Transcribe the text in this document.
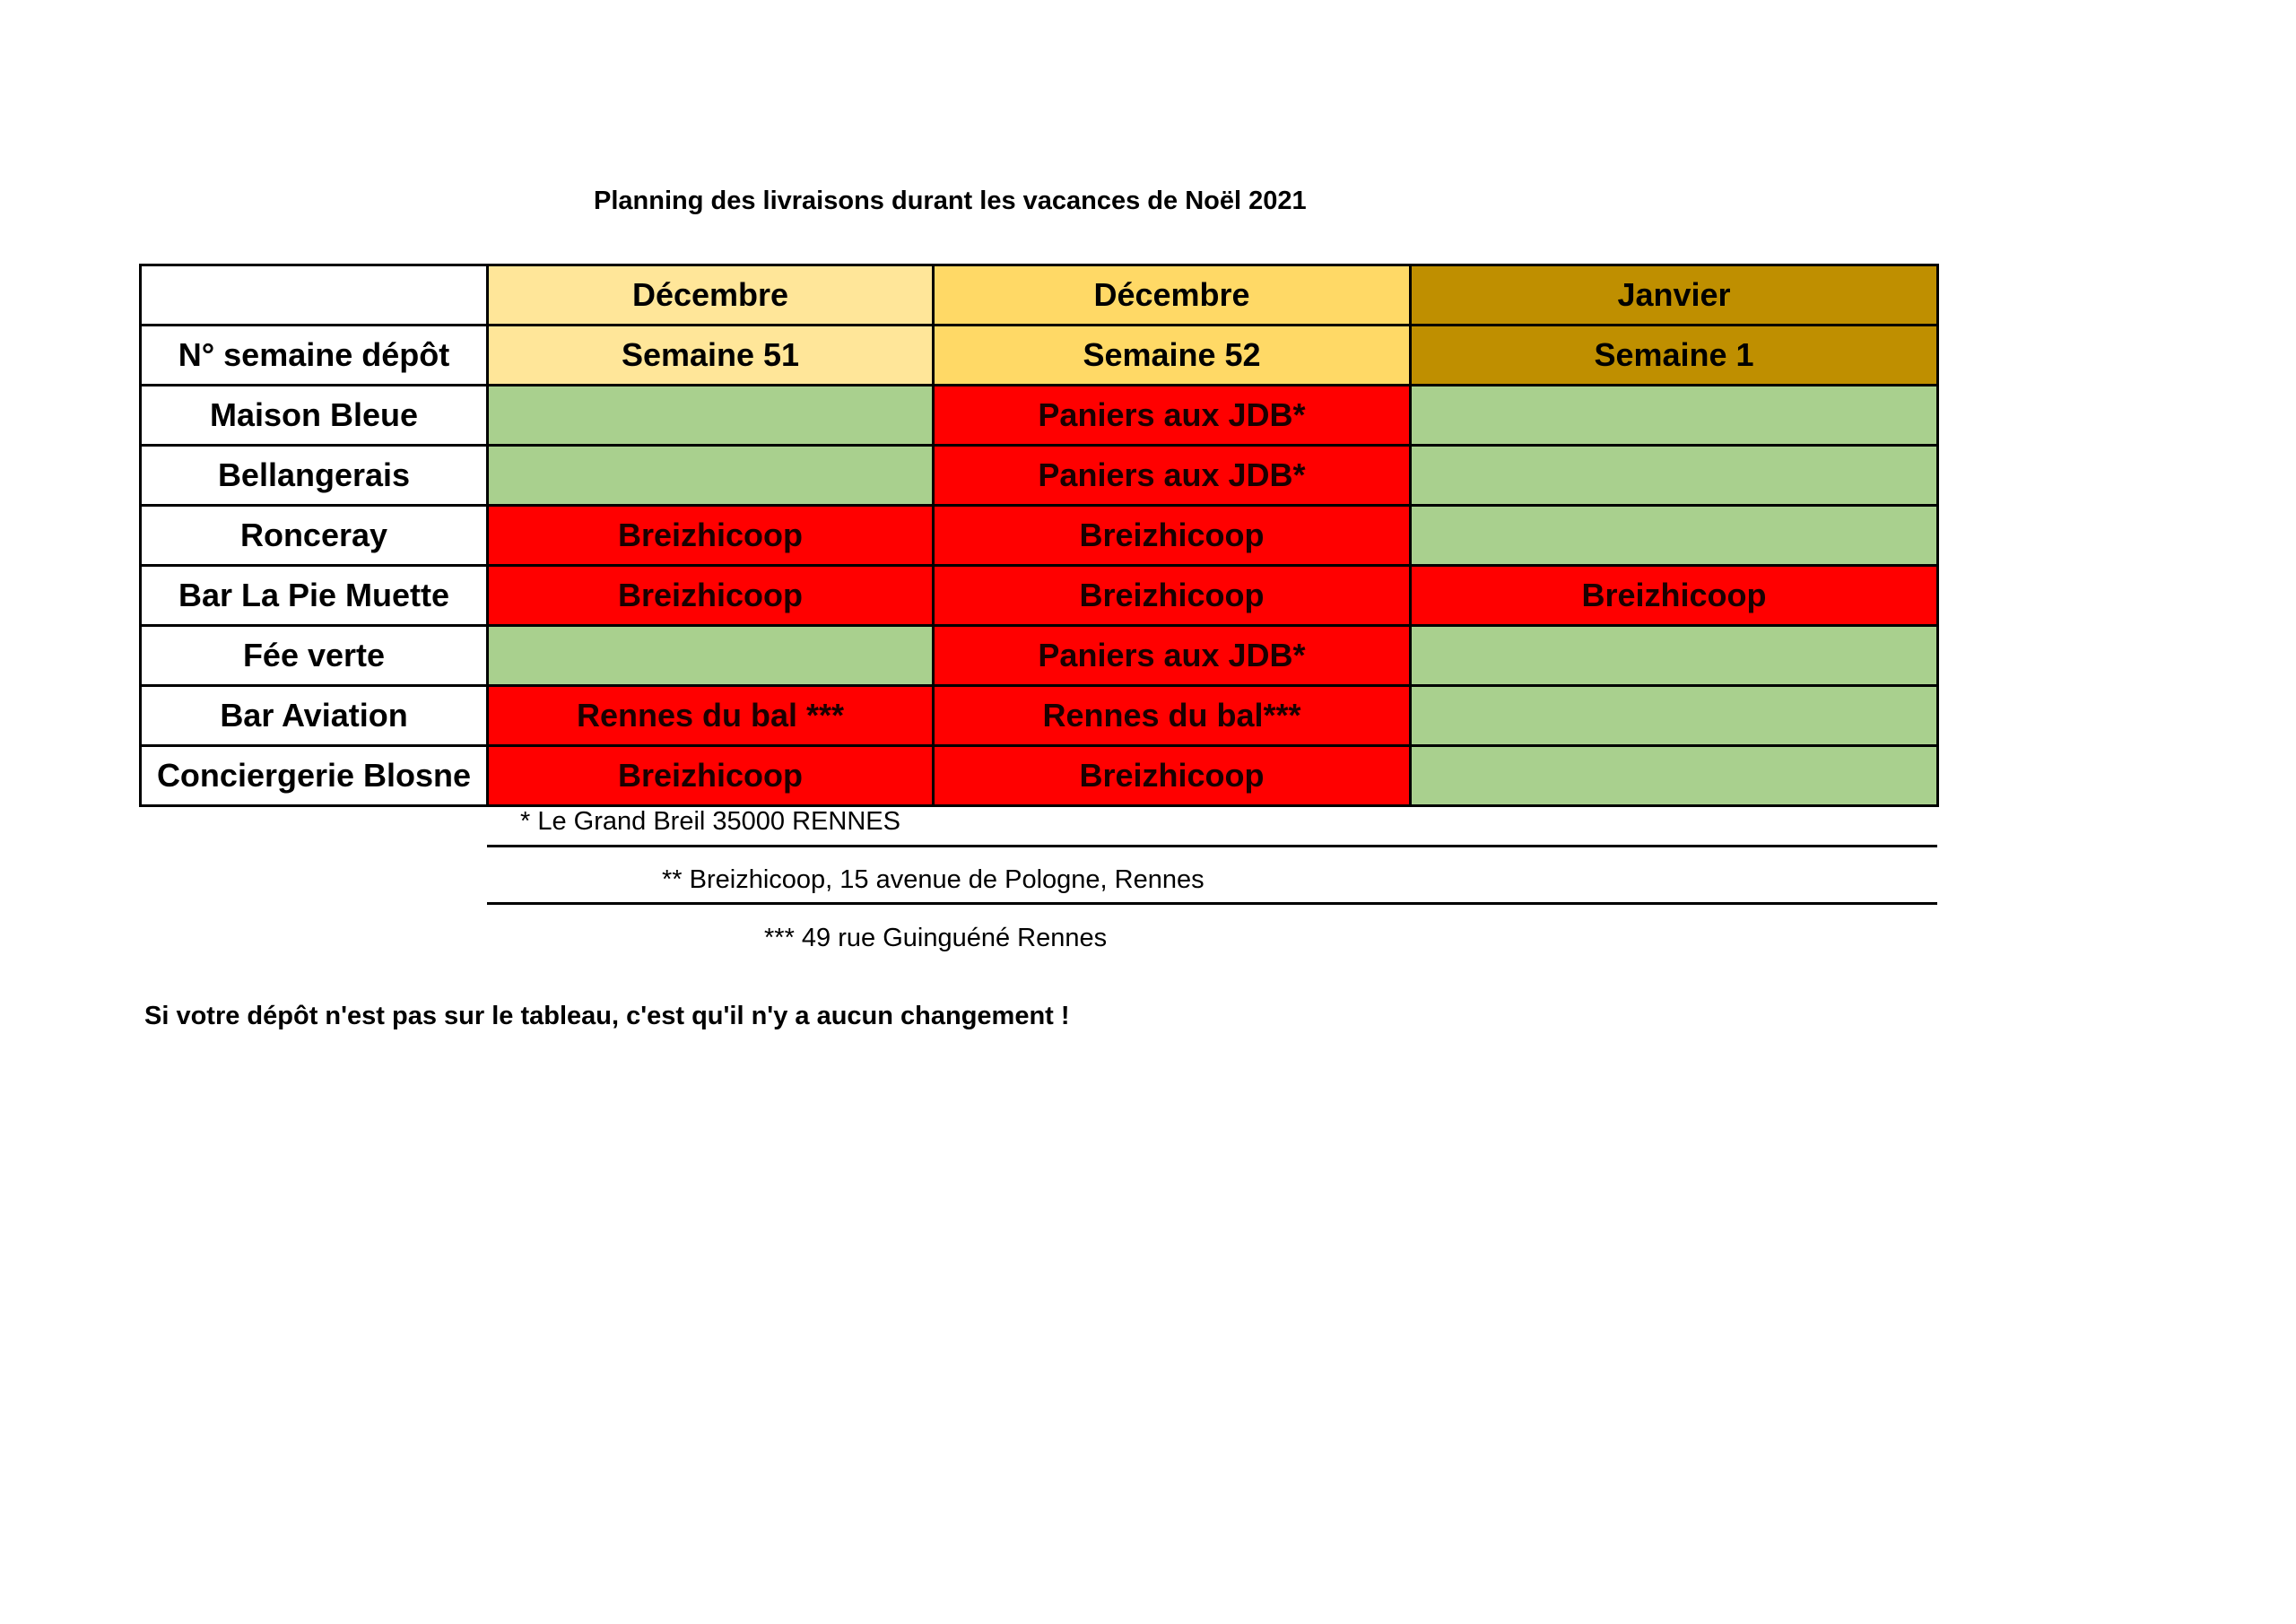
Planning des livraisons durant les vacances de Noël 2021
	Décembre	Décembre	Janvier
N° semaine dépôt	Semaine 51	Semaine 52	Semaine 1
Maison Bleue		Paniers aux JDB*	
Bellangerais		Paniers aux JDB*	
Ronceray	Breizhicoop	Breizhicoop	
Bar La Pie Muette	Breizhicoop	Breizhicoop	Breizhicoop
Fée verte		Paniers aux JDB*	
Bar Aviation	Rennes du bal ***	Rennes du bal***	
Conciergerie Blosne	Breizhicoop	Breizhicoop	
* Le Grand Breil 35000 RENNES
** Breizhicoop, 15 avenue de Pologne, Rennes
*** 49 rue Guinguéné Rennes
Si votre dépôt n'est pas sur le tableau, c'est qu'il n'y a aucun changement !
